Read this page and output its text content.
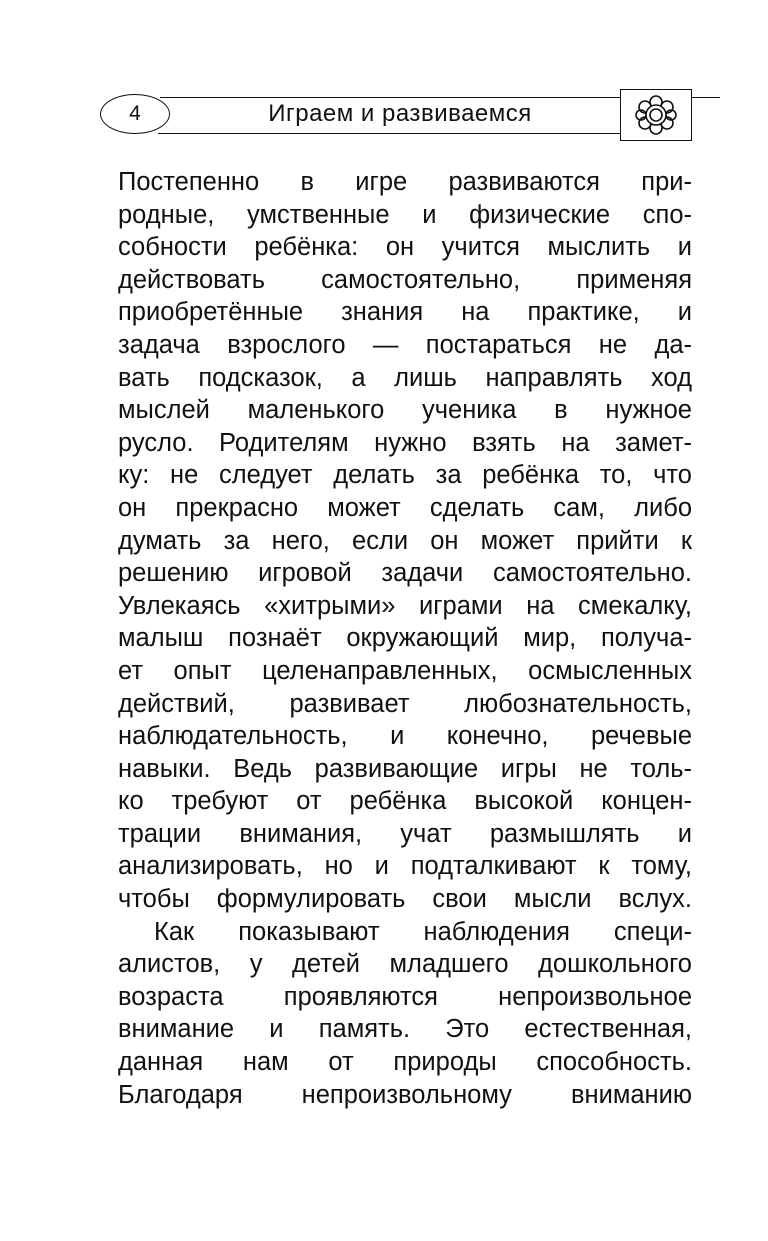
4	Играем и развиваемся
Постепенно в игре развиваются при-
родные, умственные и физические спо-
собности ребёнка: он учится мыслить и
действовать самостоятельно, применяя
приобретённые знания на практике, и
задача взрослого — постараться не да-
вать подсказок, а лишь направлять ход
мыслей маленького ученика в нужное
русло. Родителям нужно взять на замет-
ку: не следует делать за ребёнка то, что
он прекрасно может сделать сам, либо
думать за него, если он может прийти к
решению игровой задачи самостоятельно.
Увлекаясь «хитрыми» играми на смекалку,
малыш познаёт окружающий мир, получа-
ет опыт целенаправленных, осмысленных
действий, развивает любознательность,
наблюдательность, и конечно, речевые
навыки. Ведь развивающие игры не толь-
ко требуют от ребёнка высокой концен-
трации внимания, учат размышлять и
анализировать, но и подталкивают к тому,
чтобы формулировать свои мысли вслух.
Как показывают наблюдения специ-
алистов, у детей младшего дошкольного
возраста проявляются непроизвольное
внимание и память. Это естественная,
данная нам от природы способность.
Благодаря непроизвольному вниманию
